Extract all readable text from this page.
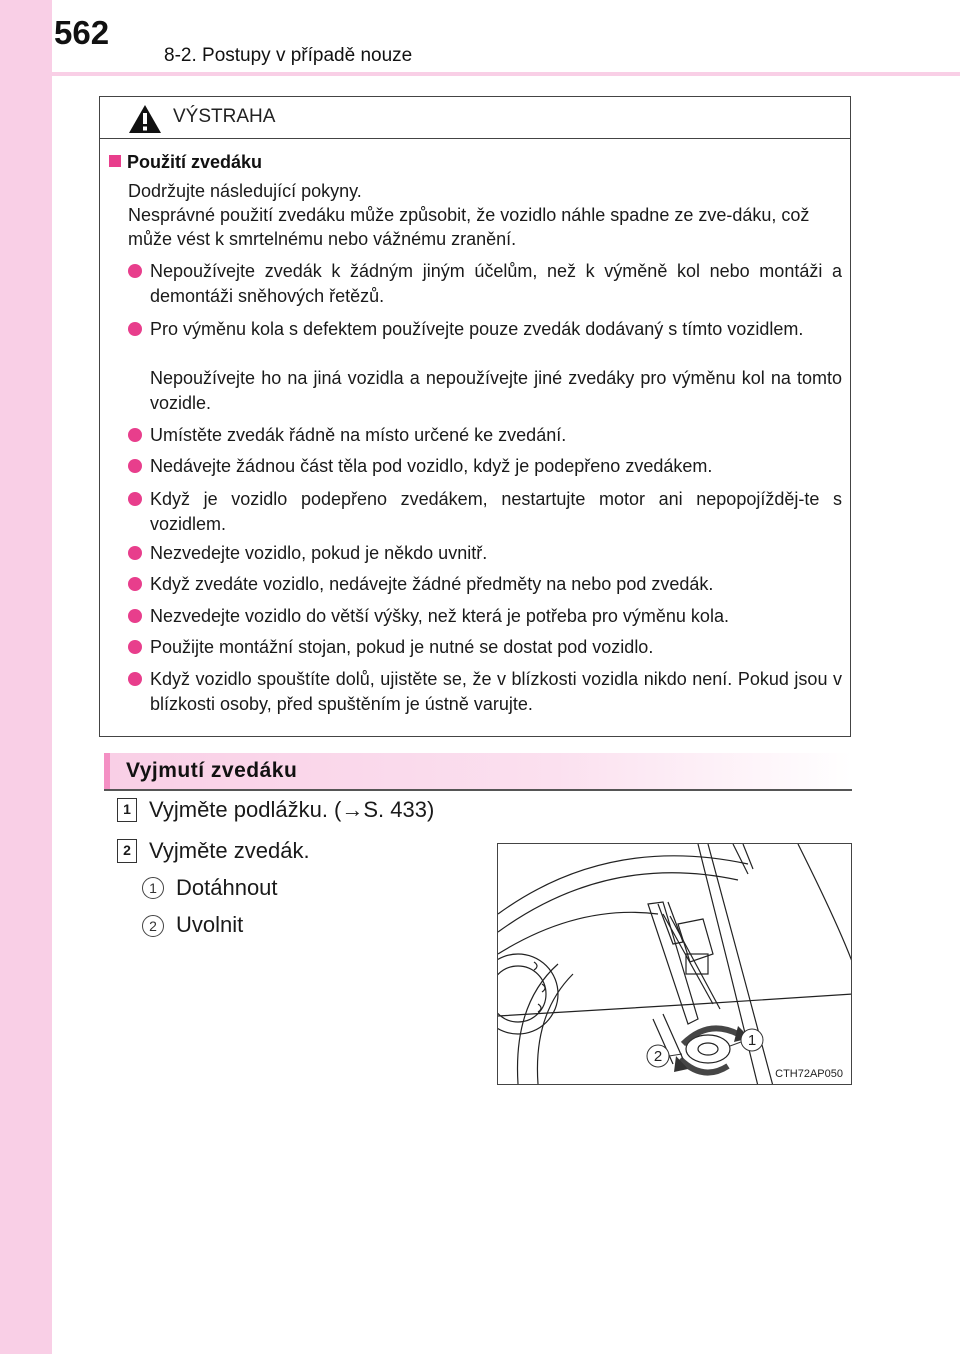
562
8-2. Postupy v případě nouze
VÝSTRAHA
Použití zvedáku
Dodržujte následující pokyny.
Nesprávné použití zvedáku může způsobit, že vozidlo náhle spadne ze zve-dáku, což může vést k smrtelnému nebo vážnému zranění.
Nepoužívejte zvedák k žádným jiným účelům, než k výměně kol nebo montáži a demontáži sněhových řetězů.
Pro výměnu kola s defektem používejte pouze zvedák dodávaný s tímto vozidlem.
Nepoužívejte ho na jiná vozidla a nepoužívejte jiné zvedáky pro výměnu kol na tomto vozidle.
Umístěte zvedák řádně na místo určené ke zvedání.
Nedávejte žádnou část těla pod vozidlo, když je podepřeno zvedákem.
Když je vozidlo podepřeno zvedákem, nestartujte motor ani nepopojížděj-te s vozidlem.
Nezvedejte vozidlo, pokud je někdo uvnitř.
Když zvedáte vozidlo, nedávejte žádné předměty na nebo pod zvedák.
Nezvedejte vozidlo do větší výšky, než která je potřeba pro výměnu kola.
Použijte montážní stojan, pokud je nutné se dostat pod vozidlo.
Když vozidlo spouštíte dolů, ujistěte se, že v blízkosti vozidla nikdo není. Pokud jsou v blízkosti osoby, před spuštěním je ústně varujte.
Vyjmutí zvedáku
1 Vyjměte podlážku. (→S. 433)
2 Vyjměte zvedák.
1 Dotáhnout
2 Uvolnit
1
2
CTH72AP050
